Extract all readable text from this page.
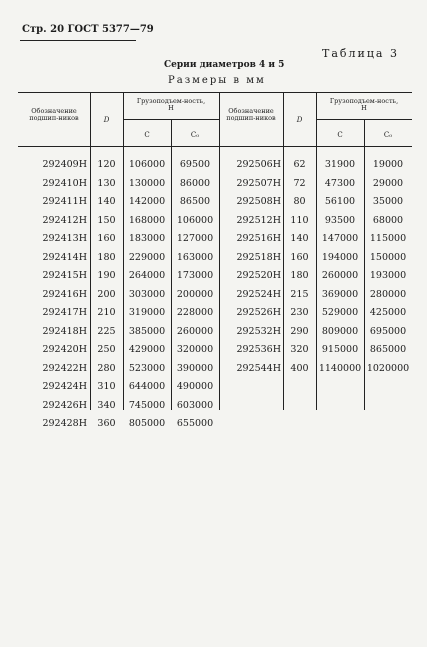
Стр. 20 ГОСТ 5377—79
Таблица 3
Серии диаметров 4 и 5
Размеры в мм
Обозначение подшип-ников	D
Грузоподъем-ность, Н
С	С₀
Обозначение подшип-ников	D
Грузоподъем-ность, Н
С	С₀
292409Н	120	106000	69500
292410Н	130	130000	86000
292411Н	140	142000	86500
292412Н	150	168000	106000
292413Н	160	183000	127000
292414Н	180	229000	163000
292415Н	190	264000	173000
292416Н	200	303000	200000
292417Н	210	319000	228000
292418Н	225	385000	260000
292420Н	250	429000	320000
292422Н	280	523000	390000
292424Н	310	644000	490000
292426Н	340	745000	603000
292428Н	360	805000	655000
292506Н	62	31900	19000
292507Н	72	47300	29000
292508Н	80	56100	35000
292512Н 110	93500	68000
292516Н 140	147000	115000
292518Н 160	194000	150000
292520Н 180	260000	193000
292524Н 215	369000	280000
292526Н 230	529000	425000
292532Н 290	809000	695000
292536Н 320	915000	865000
292544Н 400	1140000 1020000
